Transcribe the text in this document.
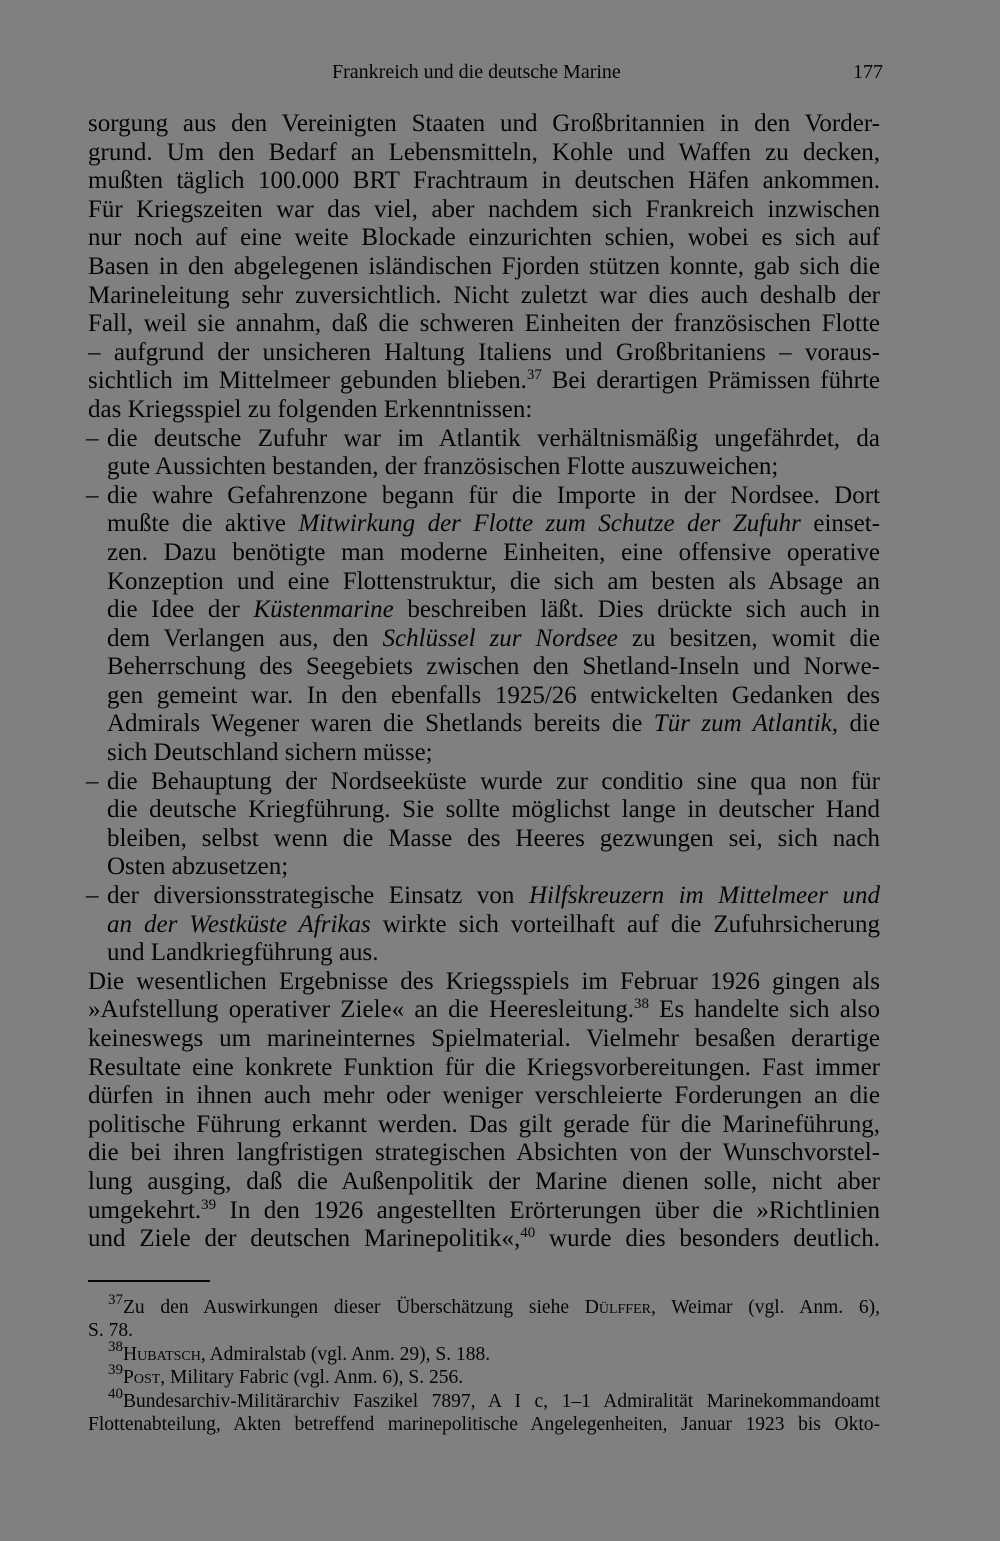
Frankreich und die deutsche Marine	177

sorgung aus den Vereinigten Staaten und Großbritannien in den Vorder-

grund. Um den Bedarf an Lebensmitteln, Kohle und Waffen zu decken,

mußten täglich 100.000 BRT Frachtraum in deutschen Häfen ankommen.

Für Kriegszeiten war das viel, aber nachdem sich Frankreich inzwischen

nur noch auf eine weite Blockade einzurichten schien, wobei es sich auf

Basen in den abgelegenen isländischen Fjorden stützen konnte, gab sich die

Marineleitung sehr zuversichtlich. Nicht zuletzt war dies auch deshalb der

Fall, weil sie annahm, daß die schweren Einheiten der französischen Flotte

– aufgrund der unsicheren Haltung Italiens und Großbritaniens – voraus-

sichtlich im Mittelmeer gebunden blieben.$^{37}$ Bei derartigen Prämissen führte

das Kriegsspiel zu folgenden Erkenntnissen:

– die deutsche Zufuhr war im Atlantik verhältnismäßig ungefährdet, da

gute Aussichten bestanden, der französischen Flotte auszuweichen;

– die wahre Gefahrenzone begann für die Importe in der Nordsee. Dort

mußte die aktive Mitwirkung der Flotte zum Schutze der Zufuhr einset-

zen. Dazu benötigte man moderne Einheiten, eine offensive operative

Konzeption und eine Flottenstruktur, die sich am besten als Absage an

die Idee der Küstenmarine beschreiben läßt. Dies drückte sich auch in

dem Verlangen aus, den Schlüssel zur Nordsee zu besitzen, womit die

Beherrschung des Seegebiets zwischen den Shetland-Inseln und Norwe-

gen gemeint war. In den ebenfalls 1925/26 entwickelten Gedanken des

Admirals Wegener waren die Shetlands bereits die Tür zum Atlantik, die

sich Deutschland sichern müsse;

– die Behauptung der Nordseeküste wurde zur conditio sine qua non für

die deutsche Kriegführung. Sie sollte möglichst lange in deutscher Hand

bleiben, selbst wenn die Masse des Heeres gezwungen sei, sich nach

Osten abzusetzen;

– der diversionsstrategische Einsatz von Hilfskreuzern im Mittelmeer und

an der Westküste Afrikas wirkte sich vorteilhaft auf die Zufuhrsicherung

und Landkriegführung aus.

Die wesentlichen Ergebnisse des Kriegsspiels im Februar 1926 gingen als

»Aufstellung operativer Ziele« an die Heeresleitung.$^{38}$ Es handelte sich also

keineswegs um marineinternes Spielmaterial. Vielmehr besaßen derartige

Resultate eine konkrete Funktion für die Kriegsvorbereitungen. Fast immer

dürfen in ihnen auch mehr oder weniger verschleierte Forderungen an die

politische Führung erkannt werden. Das gilt gerade für die Marineführung,

die bei ihren langfristigen strategischen Absichten von der Wunschvorstel-

lung ausging, daß die Außenpolitik der Marine dienen solle, nicht aber

umgekehrt.$^{39}$ In den 1926 angestellten Erörterungen über die »Richtlinien

und Ziele der deutschen Marinepolitik«,$^{40}$ wurde dies besonders deutlich.

$^{37}$Zu den Auswirkungen dieser Überschätzung siehe Dülffer, Weimar (vgl. Anm. 6),

S. 78.

$^{38}$Hubatsch, Admiralstab (vgl. Anm. 29), S. 188.

$^{39}$Post, Military Fabric (vgl. Anm. 6), S. 256.

$^{40}$Bundesarchiv-Militärarchiv Faszikel 7897, A I c, 1–1 Admiralität Marinekommandoamt

Flottenabteilung, Akten betreffend marinepolitische Angelegenheiten, Januar 1923 bis Okto-
